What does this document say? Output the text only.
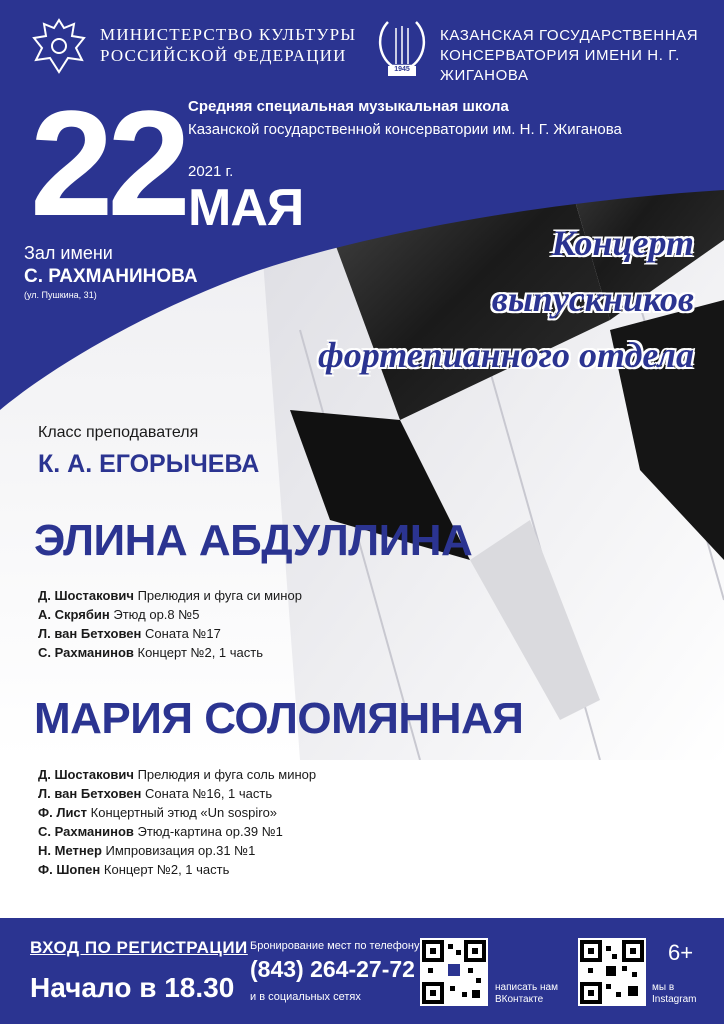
1945
МИНИСТЕРСТВО КУЛЬТУРЫ
РОССИЙСКОЙ ФЕДЕРАЦИИ
КАЗАНСКАЯ ГОСУДАРСТВЕННАЯ
КОНСЕРВАТОРИЯ ИМЕНИ Н. Г. ЖИГАНОВА
Средняя специальная музыкальная школа
Казанской государственной консерватории им. Н. Г. Жиганова
22 2021 г.
МАЯ
Зал имени
С. РАХМАНИНОВА
(ул. Пушкина, 31)
Концерт
выпускников
фортепианного отдела
Класс преподавателя
К. А. ЕГОРЫЧЕВА
ЭЛИНА АБДУЛЛИНА
Д. Шостакович Прелюдия и фуга си минор
А. Скрябин Этюд ор.8 №5
Л. ван Бетховен Соната №17
С. Рахманинов Концерт №2, 1 часть
МАРИЯ СОЛОМЯННАЯ
Д. Шостакович Прелюдия и фуга соль минор
Л. ван Бетховен Соната №16, 1 часть
Ф. Лист Концертный этюд «Un sospiro»
С. Рахманинов Этюд-картина ор.39 №1
Н. Метнер Импровизация ор.31 №1
Ф. Шопен Концерт №2, 1 часть
ВХОД ПО РЕГИСТРАЦИИ
Начало в 18.30
Бронирование мест по телефону
(843) 264-27-72
и в социальных сетях
написать нам
ВКонтакте
мы в
Instagram
6+
